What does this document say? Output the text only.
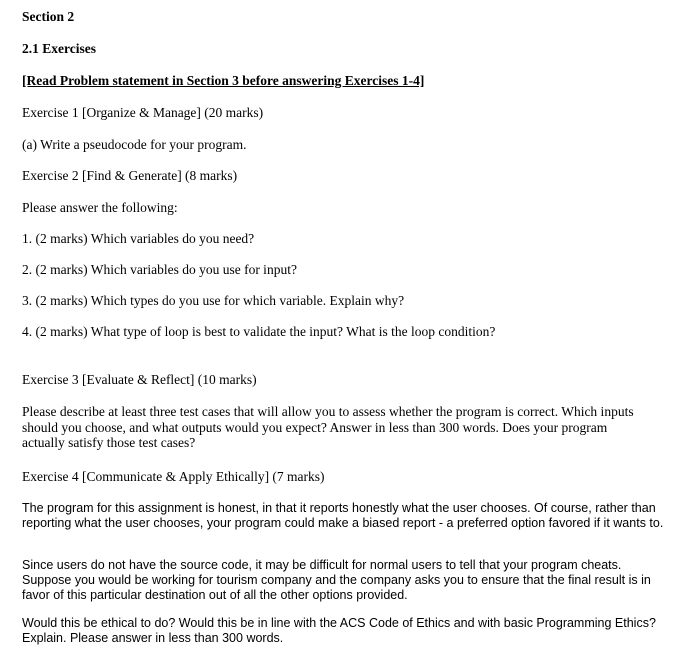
Section 2
2.1 Exercises
[Read Problem statement in Section 3 before answering Exercises 1-4]
Exercise 1 [Organize & Manage] (20 marks)
(a) Write a pseudocode for your program.
Exercise 2 [Find & Generate] (8 marks)
Please answer the following:
1. (2 marks) Which variables do you need?
2. (2 marks) Which variables do you use for input?
3. (2 marks) Which types do you use for which variable. Explain why?
4. (2 marks) What type of loop is best to validate the input? What is the loop condition?
Exercise 3 [Evaluate & Reflect] (10 marks)
Please describe at least three test cases that will allow you to assess whether the program is correct. Which inputs should you choose, and what outputs would you expect? Answer in less than 300 words. Does your program actually satisfy those test cases?
Exercise 4 [Communicate & Apply Ethically] (7 marks)
The program for this assignment is honest, in that it reports honestly what the user chooses. Of course, rather than reporting what the user chooses, your program could make a biased report - a preferred option favored if it wants to.
Since users do not have the source code, it may be difficult for normal users to tell that your program cheats. Suppose you would be working for tourism company and the company asks you to ensure that the final result is in favor of this particular destination out of all the other options provided.
Would this be ethical to do? Would this be in line with the ACS Code of Ethics and with basic Programming Ethics? Explain. Please answer in less than 300 words.
